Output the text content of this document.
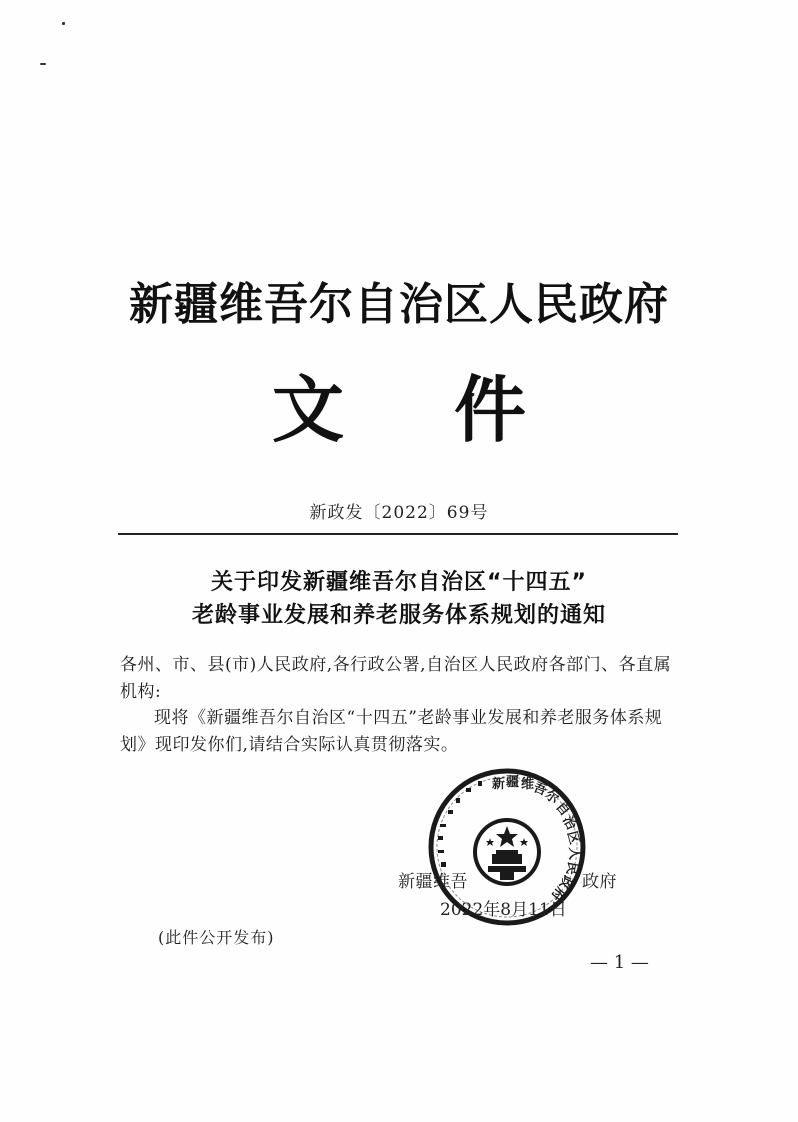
新疆维吾尔自治区人民政府
文件
新政发〔2022〕69号
关于印发新疆维吾尔自治区“十四五”
老龄事业发展和养老服务体系规划的通知
各州、市、县(市)人民政府,各行政公署,自治区人民政府各部门、各直属机构:
现将《新疆维吾尔自治区“十四五”老龄事业发展和养老服务体系规划》现印发你们,请结合实际认真贯彻落实。
新 疆 维
吾
尔
自
治
区
人
民
政
府
新疆维吾	政府
2022年8月11日
(此件公开发布)
— 1 —
